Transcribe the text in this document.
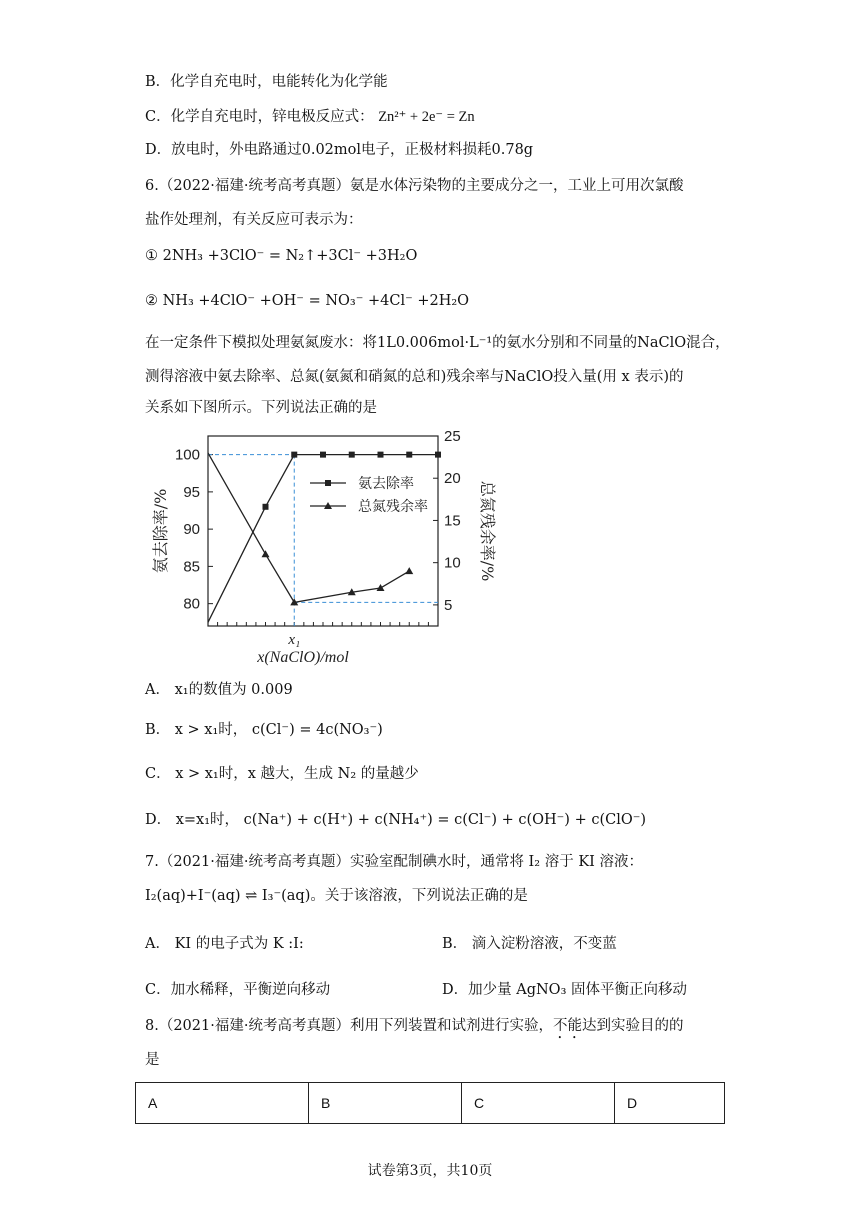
B．化学自充电时，电能转化为化学能
C．化学自充电时，锌电极反应式： Zn²⁺ + 2e⁻ = Zn
D．放电时，外电路通过0.02mol电子，正极材料损耗0.78g
6.（2022·福建·统考高考真题）氨是水体污染物的主要成分之一，工业上可用次氯酸
盐作处理剂，有关反应可表示为：
① 2NH₃ +3ClO⁻ = N₂↑+3Cl⁻ +3H₂O
② NH₃ +4ClO⁻ +OH⁻ = NO₃⁻ +4Cl⁻ +2H₂O
在一定条件下模拟处理氨氮废水：将1L0.006mol·L⁻¹的氨水分别和不同量的NaClO混合，
测得溶液中氨去除率、总氮(氨氮和硝氮的总和)残余率与NaClO投入量(用 x 表示)的
关系如下图所示。下列说法正确的是
80
85
90
95
100
5
10
15
20
25
氨去除率/%	总氮残余率/%
x(NaClO)/mol
x₁
氨去除率
总氮残余率
A． x₁的数值为 0.009
B． x > x₁时， c(Cl⁻) = 4c(NO₃⁻)
C． x > x₁时，x 越大，生成 N₂ 的量越少
D． x=x₁时， c(Na⁺) + c(H⁺) + c(NH₄⁺) = c(Cl⁻) + c(OH⁻) + c(ClO⁻)
7.（2021·福建·统考高考真题）实验室配制碘水时，通常将 I₂ 溶于 KI 溶液：
I₂(aq)+I⁻(aq) ⇌ I₃⁻(aq)。关于该溶液，下列说法正确的是
A． KI 的电子式为 K :I:	B． 滴入淀粉溶液，不变蓝
C．加水稀释，平衡逆向移动	D．加少量 AgNO₃ 固体平衡正向移动
8.（2021·福建·统考高考真题）利用下列装置和试剂进行实验，不能达到实验目的的
是
A	B	C	D
试卷第3页，共10页
